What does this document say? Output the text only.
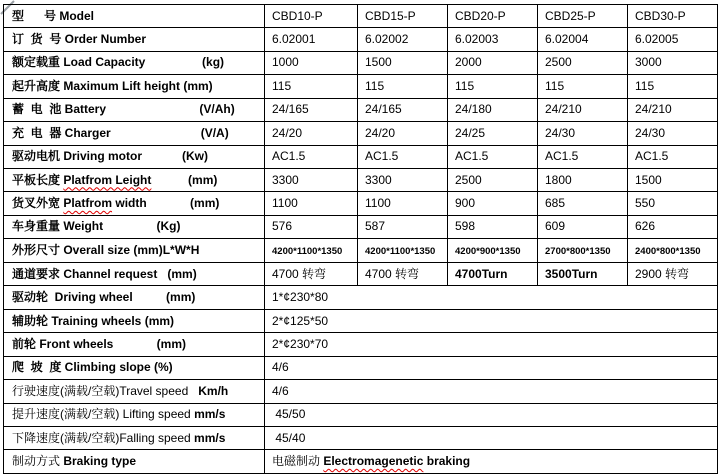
型      号 Model	CBD10-P	CBD15-P	CBD20-P	CBD25-P	CBD30-P
订  货  号 Order Number	6.02001	6.02002	6.02003	6.02004	6.02005
额定载重 Load Capacity                 (kg)	1000	1500	2000	2500	3000
起升高度 Maximum Lift height (mm)	115	115	115	115	115
蓄  电  池 Battery                            (V/Ah)	24/165	24/165	24/180	24/210	24/210
充  电  器 Charger                           (V/A)	24/20	24/20	24/25	24/30	24/30
驱动电机 Driving motor            (Kw)	AC1.5	AC1.5	AC1.5	AC1.5	AC1.5
平板长度 Platfrom Leight           (mm)	3300	3300	2500	1800	1500
货叉外宽 Platfrom width             (mm)	1100	1100	900	685	550
车身重量 Weight                (Kg)	576	587	598	609	626
外形尺寸 Overall size (mm)L*W*H	4200*1100*1350	4200*1100*1350	4200*900*1350	2700*800*1350	2400*800*1350
通道要求 Channel request   (mm)	4700 转弯	4700 转弯	4700Turn	3500Turn	2900 转弯
驱动轮  Driving wheel          (mm)	1*¢230*80				
辅助轮 Training wheels (mm)	2*¢125*50				
前轮 Front wheels             (mm)	2*¢230*70				
爬  坡  度 Climbing slope (%)	4/6				
行驶速度(满载/空载)Travel speed   Km/h	4/6				
提升速度(满载/空载) Lifting speed mm/s	45/50				
下降速度(满载/空载)Falling speed mm/s	45/40				
制动方式 Braking type	电磁制动 Electromagenetic braking				
